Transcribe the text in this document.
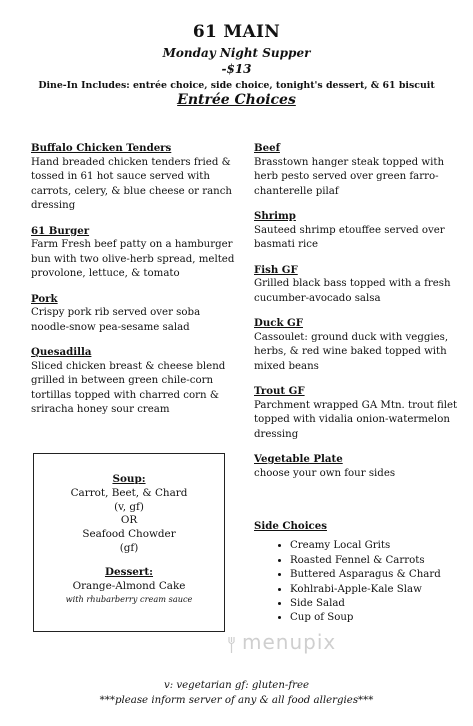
61 MAIN
Monday Night Supper
-$13
Dine-In Includes: entrée choice, side choice, tonight's dessert, & 61 biscuit
Entrée Choices
Buffalo Chicken Tenders
Hand breaded chicken tenders fried & tossed in 61 hot sauce served with carrots, celery, & blue cheese or ranch dressing
61 Burger
Farm Fresh beef patty on a hamburger bun with two olive-herb spread, melted provolone, lettuce, & tomato
Pork
Crispy pork rib served over soba noodle-snow pea-sesame salad
Quesadilla
Sliced chicken breast & cheese blend grilled in between green chile-corn tortillas topped with charred corn & sriracha honey sour cream
Beef
Brasstown hanger steak topped with herb pesto served over green farro-chanterelle pilaf
Shrimp
Sauteed shrimp etouffee served over basmati rice
Fish GF
Grilled black bass topped with a fresh cucumber-avocado salsa
Duck GF
Cassoulet: ground duck with veggies, herbs, & red wine baked topped with mixed beans
Trout GF
Parchment wrapped GA Mtn. trout filet topped with vidalia onion-watermelon dressing
Vegetable Plate
choose your own four sides
Soup:
Carrot, Beet, & Chard
(v, gf)
OR
Seafood Chowder
(gf)
Dessert:
Orange-Almond Cake
with rhubarberry cream sauce
Side Choices
• Creamy Local Grits
• Roasted Fennel & Carrots
• Buttered Asparagus & Chard
• Kohlrabi-Apple-Kale Slaw
• Side Salad
• Cup of Soup
menupix
v: vegetarian gf: gluten-free
***please inform server of any & all food allergies***
